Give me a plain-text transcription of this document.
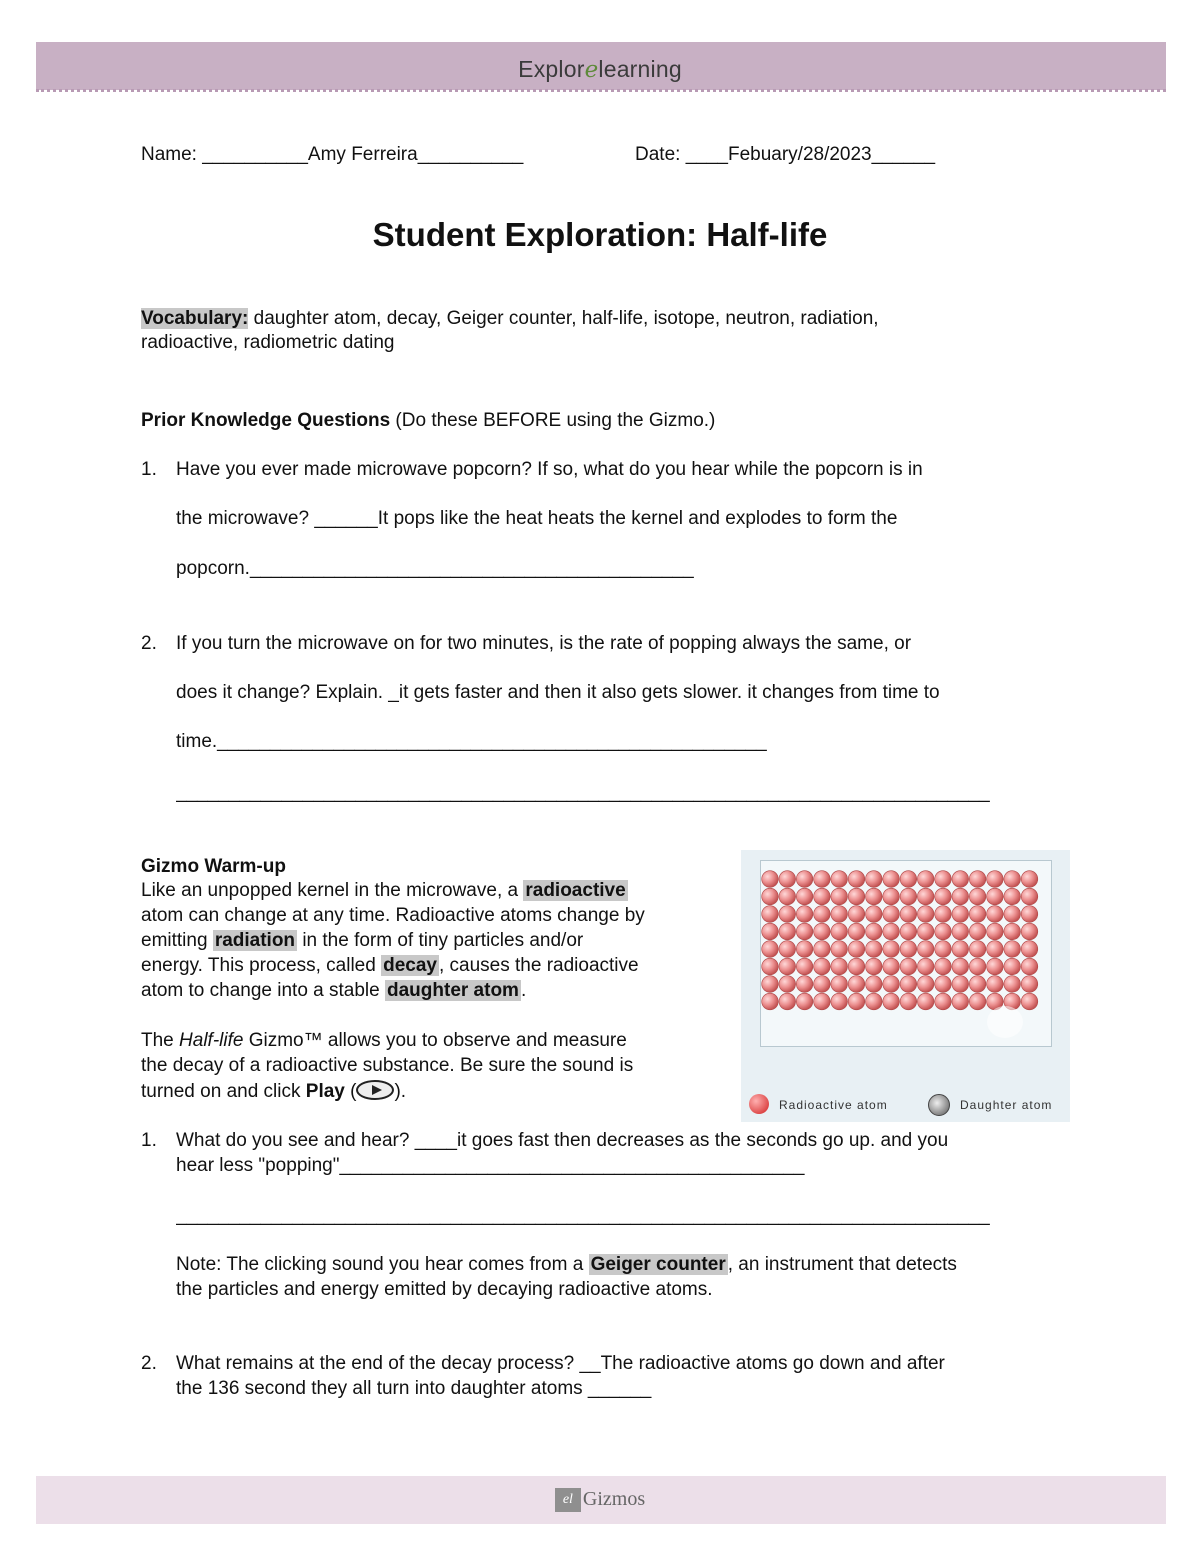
Explorelearning
Name: __________Amy Ferreira__________	Date: ____Febuary/28/2023______
Student Exploration: Half-life
Vocabulary: daughter atom, decay, Geiger counter, half-life, isotope, neutron, radiation,
radioactive, radiometric dating
Prior Knowledge Questions (Do these BEFORE using the Gizmo.)
1. Have you ever made microwave popcorn? If so, what do you hear while the popcorn is in
the microwave? ______It pops like the heat heats the kernel and explodes to form the
popcorn.__________________________________________
2. If you turn the microwave on for two minutes, is the rate of popping always the same, or
does it change? Explain. _it gets faster and then it also gets slower. it changes from time to
time.____________________________________________________
_____________________________________________________________________________
Gizmo Warm-up
Like an unpopped kernel in the microwave, a radioactive
atom can change at any time. Radioactive atoms change by
emitting radiation in the form of tiny particles and/or
energy. This process, called decay , causes the radioactive
atom to change into a stable daughter atom .
The Half-life Gizmo™ allows you to observe and measure
the decay of a radioactive substance. Be sure the sound is
turned on and click Play ( ).
Radioactive atom	Daughter atom
1. What do you see and hear? ____it goes fast then decreases as the seconds go up. and you
hear less "popping"____________________________________________
_____________________________________________________________________________
Note: The clicking sound you hear comes from a Geiger counter , an instrument that detects
the particles and energy emitted by decaying radioactive atoms.
2. What remains at the end of the decay process? __The radioactive atoms go down and after
the 136 second they all turn into daughter atoms ______
el Gizmos
